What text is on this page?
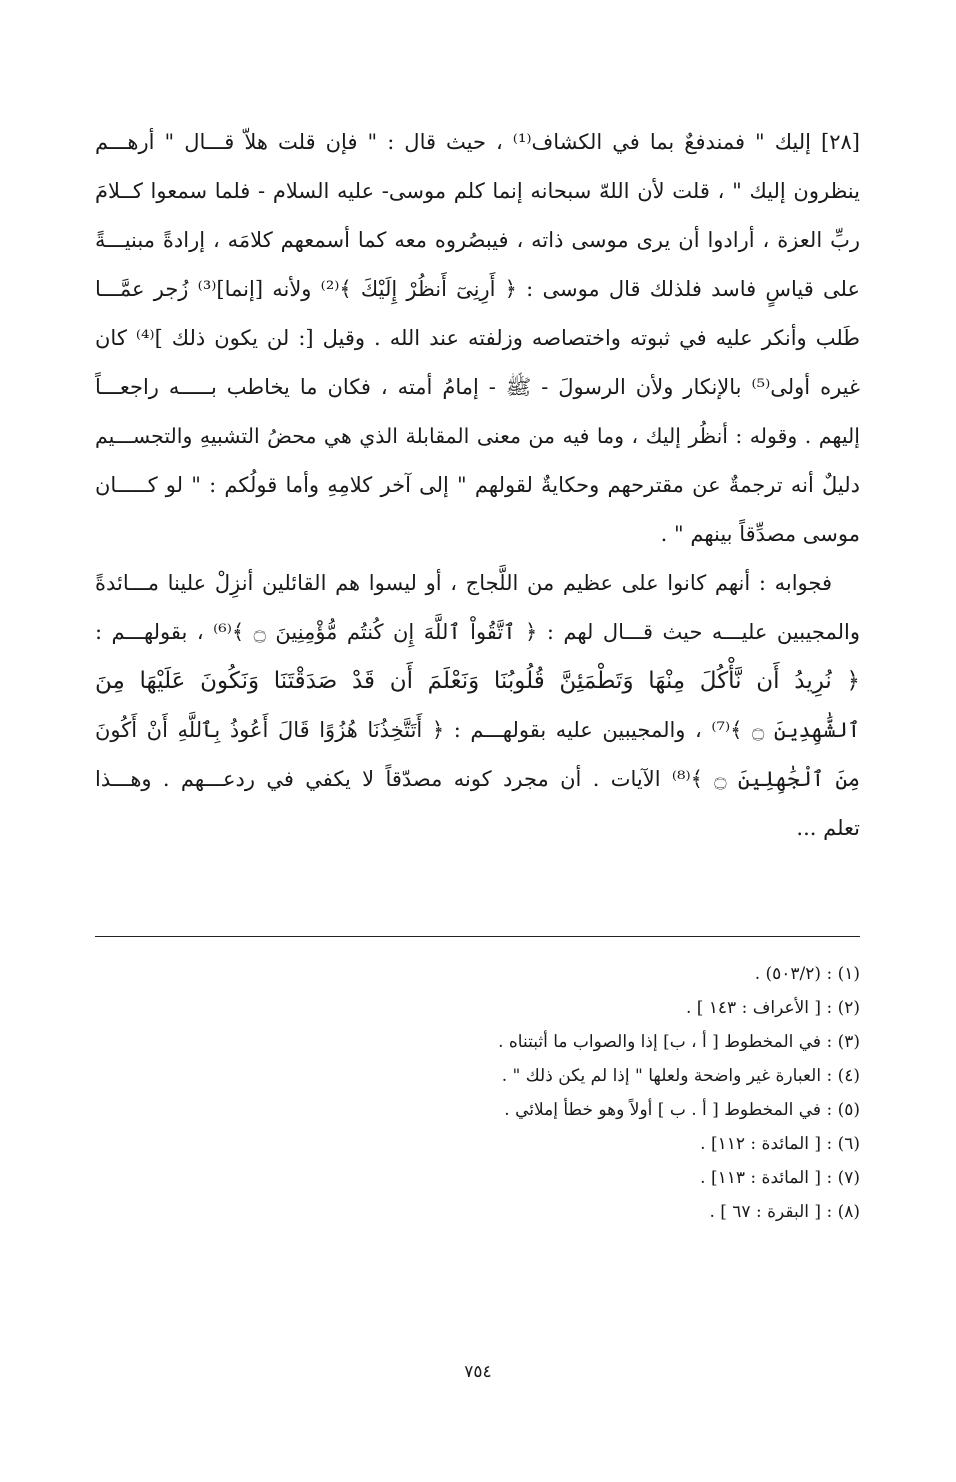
[٢٨] إليك " فمندفعٌ بما في الكشاف⁽¹⁾ ، حيث قال : " فإن قلت هلاّ قـــال " أرهـــم
ينظرون إليك " ، قلت لأن اللهّ سبحانه إنما كلم موسى- عليه السلام - فلما سمعوا كــلامَ
ربِّ العزة ، أرادوا أن يرى موسى ذاته ، فيبصُروه معه كما أسمعهم كلامَه ، إرادةً مبنيـــةً
على قياسٍ فاسد فلذلك قال موسى : ﴿ أَرِنِىٓ أَنظُرْ إِلَيْكَ ﴾⁽²⁾ ولأنه [إنما]⁽³⁾ زُجر عمَّـــا
طَلب وأنكر عليه في ثبوته واختصاصه وزلفته عند الله . وقيل [: لن يكون ذلك ]⁽⁴⁾ كان
غيره أولى⁽⁵⁾ بالإنكار ولأن الرسولَ - ﷺ - إمامُ أمته ، فكان ما يخاطب بـــــه راجعـــاً
إليهم . وقوله : أنظُر إليك ، وما فيه من معنى المقابلة الذي هي محضُ التشبيهِ والتجســـيم
دليلٌ أنه ترجمةٌ عن مقترحهم وحكايةٌ لقولهم " إلى آخر كلامِهِ وأما قولُكم : " لو كـــــان
موسى مصدِّقاً بينهم " .
فجوابه : أنهم كانوا على عظيم من اللَّجاج ، أو ليسوا هم القائلين أنزِلْ علينا مـــائدةً
والمجيبين عليـــه حيث قـــال لهم : ﴿ ٱتَّقُواْ ٱللَّهَ إِن كُنتُم مُّؤْمِنِينَ ۝ ﴾⁽⁶⁾ ، بقولهـــم :
﴿ نُرِيدُ أَن نَّأْكُلَ مِنْهَا وَتَطْمَئِنَّ قُلُوبُنَا وَنَعْلَمَ أَن قَدْ صَدَقْتَنَا وَنَكُونَ عَلَيْهَا مِنَ
ٱلشَّٰهِدِينَ ۝ ﴾⁽⁷⁾ ، والمجيبين عليه بقولهـــم : ﴿ أَتَتَّخِذُنَا هُزُوًا قَالَ أَعُوذُ بِٱللَّهِ أَنْ أَكُونَ
مِنَ ٱلْجَٰهِلِينَ ۝ ﴾⁽⁸⁾ الآيات . أن مجرد كونه مصدّقاً لا يكفي في ردعـــهم . وهـــذا
تعلم ...
(١) : (٥٠٣/٢) .
(٢) : [ الأعراف : ١٤٣ ] .
(٣) : في المخطوط [ أ ، ب] إذا والصواب ما أثبتناه .
(٤) : العبارة غير واضحة ولعلها " إذا لم يكن ذلك " .
(٥) : في المخطوط [ أ . ب ] أولاً وهو خطأ إملائي .
(٦) : [ المائدة : ١١٢] .
(٧) : [ المائدة : ١١٣] .
(٨) : [ البقرة : ٦٧ ] .
٧٥٤
